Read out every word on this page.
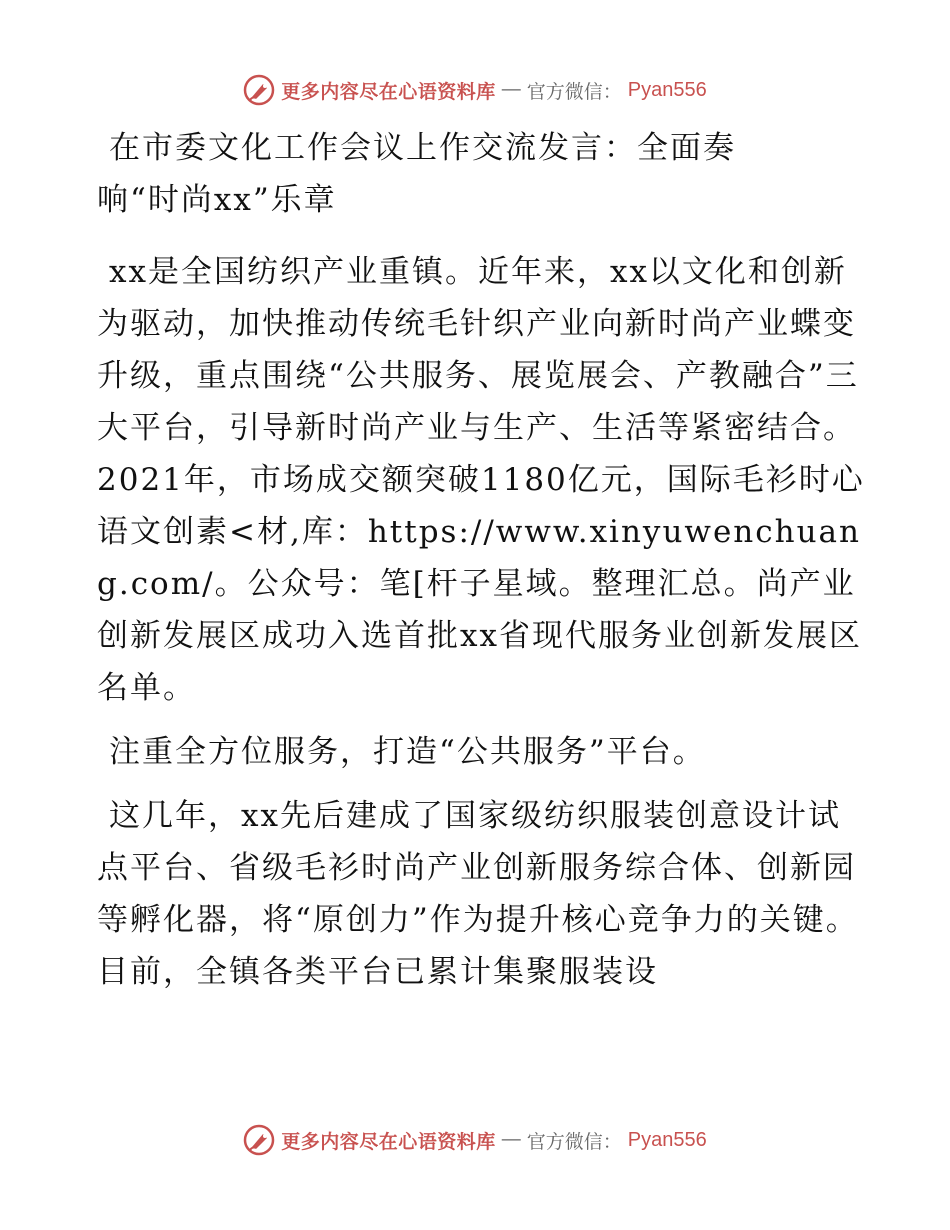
更多内容尽在心语资料库 — 官方微信： Pyan556
在市委文化工作会议上作交流发言：全面奏响“时尚xx”乐章

xx是全国纺织产业重镇。近年来，xx以文化和创新为驱动，加快推动传统毛针织产业向新时尚产业蝶变升级，重点围绕“公共服务、展览展会、产教融合”三大平台，引导新时尚产业与生产、生活等紧密结合。2021年，市场成交额突破1180亿元，国际毛衫时心语文创素<材,库：https://www.xinyuwenchuang.com/。公众号：笔[杆子星域。整理汇总。尚产业创新发展区成功入选首批xx省现代服务业创新发展区名单。

注重全方位服务，打造“公共服务”平台。

这几年，xx先后建成了国家级纺织服装创意设计试点平台、省级毛衫时尚产业创新服务综合体、创新园等孵化器，将“原创力”作为提升核心竞争力的关键。目前，全镇各类平台已累计集聚服装设

更多内容尽在心语资料库 — 官方微信： Pyan556
